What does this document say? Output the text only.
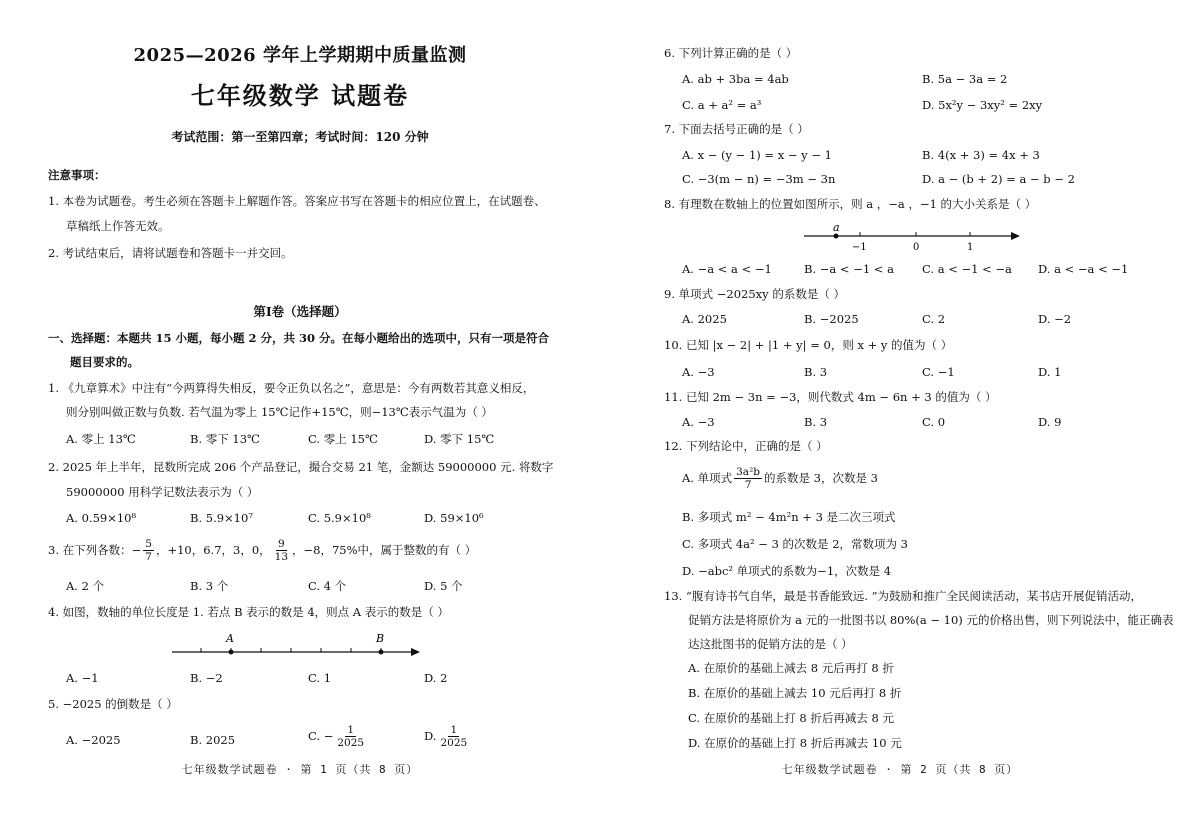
2025—2026 学年上学期期中质量监测
七年级数学 试题卷
考试范围：第一至第四章；考试时间：120 分钟
注意事项：
1. 本卷为试题卷。考生必须在答题卡上解题作答。答案应书写在答题卡的相应位置上，在试题卷、
草稿纸上作答无效。
2. 考试结束后，请将试题卷和答题卡一并交回。
第Ⅰ卷（选择题）
一、选择题：本题共 15 小题，每小题 2 分，共 30 分。在每小题给出的选项中，只有一项是符合
题目要求的。
1. 《九章算术》中注有“今两算得失相反，要令正负以名之”，意思是：今有两数若其意义相反，
则分别叫做正数与负数. 若气温为零上 15℃记作+15℃，则−13℃表示气温为（ ）
A. 零上 13℃	B. 零下 13℃	C. 零上 15℃	D. 零下 15℃
2. 2025 年上半年，昆数所完成 206 个产品登记，撮合交易 21 笔，金额达 59000000 元. 将数字
59000000 用科学记数法表示为（ ）
A. 0.59×10⁸	B. 5.9×10⁷	C. 5.9×10⁸	D. 59×10⁶
3. 在下列各数：− $\frac{5}{7}$ ，+10，6.7，3，0， $\frac{9}{13}$ ，−8，75%中，属于整数的有（ ）
A. 2 个	B. 3 个	C. 4 个	D. 5 个
4. 如图，数轴的单位长度是 1. 若点 B 表示的数是 4，则点 A 表示的数是（ ）
A	B
A. −1	B. −2	C. 1	D. 2
5. −2025 的倒数是（ ）
A. −2025	B. 2025	C. − $\frac{1}{2025}$	D. $\frac{1}{2025}$
七年级数学试题卷 · 第 1 页（共 8 页）
6. 下列计算正确的是（ ）
A. ab + 3ba = 4ab	B. 5a − 3a = 2
C. a + a² = a³	D. 5x²y − 3xy² = 2xy
7. 下面去括号正确的是（ ）
A. x − (y − 1) = x − y − 1	B. 4(x + 3) = 4x + 3
C. −3(m − n) = −3m − 3n	D. a − (b + 2) = a − b − 2
8. 有理数在数轴上的位置如图所示，则 a ，−a ，−1 的大小关系是（ ）
a
−1	0	1
A. −a < a < −1	B. −a < −1 < a C. a < −1 < −a D. a < −a < −1
9. 单项式 −2025xy 的系数是（ ）
A. 2025	B. −2025	C. 2	D. −2
10. 已知 |x − 2| + |1 + y| = 0，则 x + y 的值为（ ）
A. −3	B. 3	C. −1	D. 1
11. 已知 2m − 3n = −3，则代数式 4m − 6n + 3 的值为（ ）
A. −3	B. 3	C. 0	D. 9
12. 下列结论中，正确的是（ ）
A. 单项式 $\frac{\text{3a²b}}{7}$ 的系数是 3，次数是 3
B. 多项式 m² − 4m²n + 3 是二次三项式
C. 多项式 4a² − 3 的次数是 2，常数项为 3
D. −abc² 单项式的系数为−1，次数是 4
13. “腹有诗书气自华，最是书香能致远. ”为鼓励和推广全民阅读活动，某书店开展促销活动，
促销方法是将原价为 a 元的一批图书以 80%(a − 10) 元的价格出售，则下列说法中，能正确表
达这批图书的促销方法的是（ ）
A. 在原价的基础上减去 8 元后再打 8 折
B. 在原价的基础上减去 10 元后再打 8 折
C. 在原价的基础上打 8 折后再减去 8 元
D. 在原价的基础上打 8 折后再减去 10 元
七年级数学试题卷 · 第 2 页（共 8 页）
